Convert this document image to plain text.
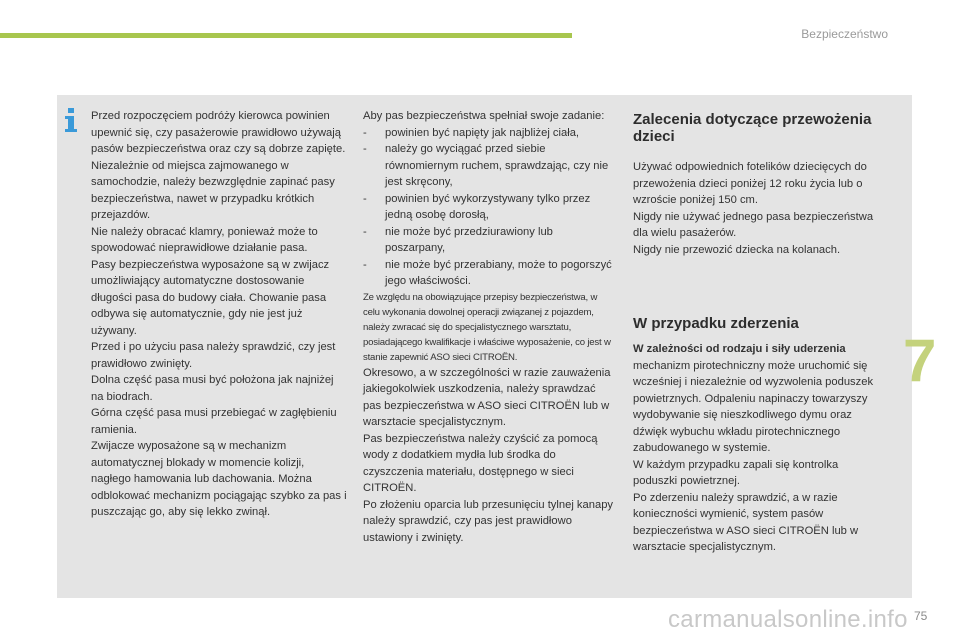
Bezpieczeństwo

Przed rozpoczęciem podróży kierowca powinien upewnić się, czy pasażerowie prawidłowo używają pasów bezpieczeństwa oraz czy są dobrze zapięte.

Niezależnie od miejsca zajmowanego w samochodzie, należy bezwzględnie zapinać pasy bezpieczeństwa, nawet w przypadku krótkich przejazdów.

Nie należy obracać klamry, ponieważ może to spowodować nieprawidłowe działanie pasa.

Pasy bezpieczeństwa wyposażone są w zwijacz umożliwiający automatyczne dostosowanie długości pasa do budowy ciała. Chowanie pasa odbywa się automatycznie, gdy nie jest już używany.

Przed i po użyciu pasa należy sprawdzić, czy jest prawidłowo zwinięty.

Dolna część pasa musi być położona jak najniżej na biodrach.

Górna część pasa musi przebiegać w zagłębieniu ramienia.

Zwijacze wyposażone są w mechanizm automatycznej blokady w momencie kolizji, nagłego hamowania lub dachowania. Można odblokować mechanizm pociągając szybko za pas i puszczając go, aby się lekko zwinął.

Aby pas bezpieczeństwa spełniał swoje zadanie:

-	powinien być napięty jak najbliżej ciała,
-	należy go wyciągać przed siebie równomiernym ruchem, sprawdzając, czy nie jest skręcony,
-	powinien być wykorzystywany tylko przez jedną osobę dorosłą,
-	nie może być przedziurawiony lub poszarpany,
-	nie może być przerabiany, może to pogorszyć jego właściwości.

Ze względu na obowiązujące przepisy bezpieczeństwa, w celu wykonania dowolnej operacji związanej z pojazdem, należy zwracać się do specjalistycznego warsztatu, posiadającego kwalifikacje i właściwe wyposażenie, co jest w stanie zapewnić ASO sieci CITROËN.

Okresowo, a w szczególności w razie zauważenia jakiegokolwiek uszkodzenia, należy sprawdzać pas bezpieczeństwa w ASO sieci CITROËN lub w warsztacie specjalistycznym.

Pas bezpieczeństwa należy czyścić za pomocą wody z dodatkiem mydła lub środka do czyszczenia materiału, dostępnego w sieci CITROËN.

Po złożeniu oparcia lub przesunięciu tylnej kanapy należy sprawdzić, czy pas jest prawidłowo ustawiony i zwinięty.

Zalecenia dotyczące przewożenia dzieci

Używać odpowiednich fotelików dziecięcych do przewożenia dzieci poniżej 12 roku życia lub o wzroście poniżej 150 cm.

Nigdy nie używać jednego pasa bezpieczeństwa dla wielu pasażerów.

Nigdy nie przewozić dziecka na kolanach.

W przypadku zderzenia

W zależności od rodzaju i siły uderzenia

mechanizm pirotechniczny może uruchomić się wcześniej i niezależnie od wyzwolenia poduszek powietrznych. Odpaleniu napinaczy towarzyszy wydobywanie się nieszkodliwego dymu oraz dźwięk wybuchu wkładu pirotechnicznego zabudowanego w systemie.

W każdym przypadku zapali się kontrolka poduszki powietrznej.

Po zderzeniu należy sprawdzić, a w razie konieczności wymienić, system pasów bezpieczeństwa w ASO sieci CITROËN lub w warsztacie specjalistycznym.

7
carmanualsonline.info 75
